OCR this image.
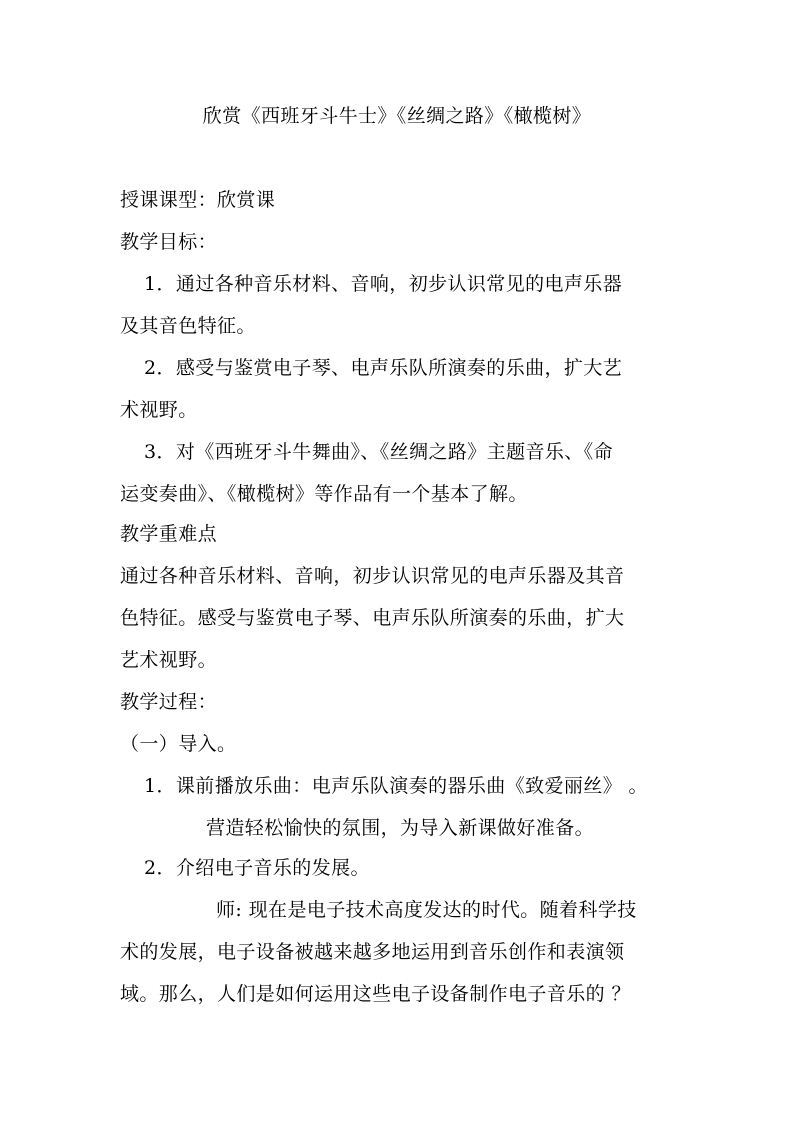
欣赏《西班牙斗牛士》《丝绸之路》《橄榄树》
授课课型：欣赏课
教学目标：
1．通过各种音乐材料、音响，初步认识常见的电声乐器
及其音色特征。
2．感受与鉴赏电子琴、电声乐队所演奏的乐曲，扩大艺
术视野。
3．对《西班牙斗牛舞曲》、《丝绸之路》主题音乐、《命
运变奏曲》、《橄榄树》等作品有一个基本了解。
教学重难点
通过各种音乐材料、音响，初步认识常见的电声乐器及其音
色特征。感受与鉴赏电子琴、电声乐队所演奏的乐曲，扩大
艺术视野。
教学过程：
（一）导入。
1．课前播放乐曲：电声乐队演奏的器乐曲《致爱丽丝》 。
营造轻松愉快的氛围，为导入新课做好准备。
2．介绍电子音乐的发展。
师: 现在是电子技术高度发达的时代。随着科学技
术的发展，电子设备被越来越多地运用到音乐创作和表演领
域。那么，人们是如何运用这些电子设备制作电子音乐的 ？
